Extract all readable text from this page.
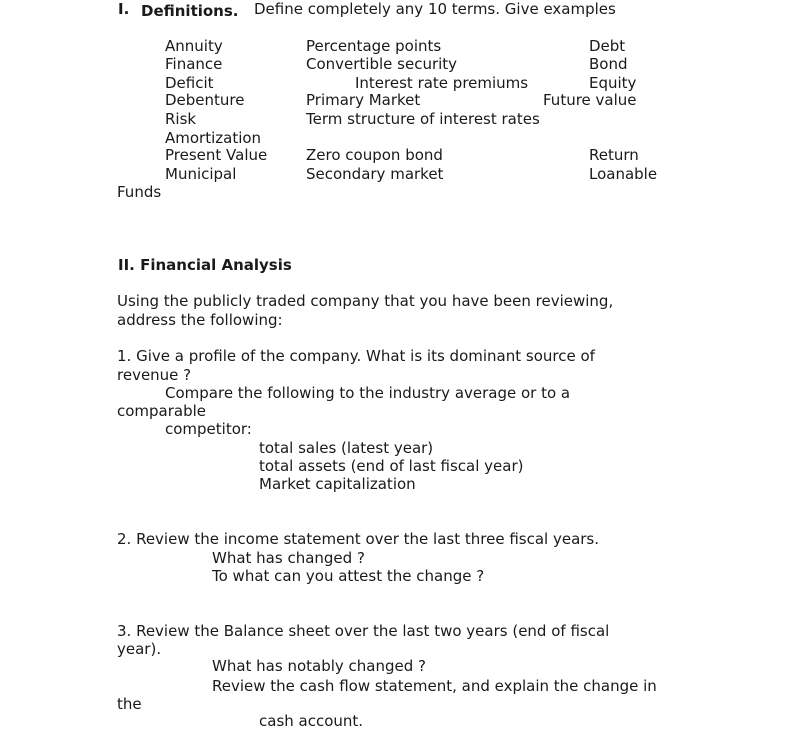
I. Definitions. Define completely any 10 terms. Give examples
Annuity
Finance
Deficit
Debenture
Risk
Amortization
Present Value
Municipal
Funds
Percentage points
Convertible security
Interest rate premiums
Primary Market
Term structure of interest rates
Zero coupon bond
Secondary market
Debt
Bond
Equity
Future value
Return
Loanable
II. Financial Analysis
Using the publicly traded company that you have been reviewing,
address the following:
1. Give a profile of the company. What is its dominant source of
revenue ?
Compare the following to the industry average or to a
comparable
competitor:
total sales (latest year)
total assets (end of last fiscal year)
Market capitalization
2. Review the income statement over the last three fiscal years.
What has changed ?
To what can you attest the change ?
3. Review the Balance sheet over the last two years (end of fiscal
year).
What has notably changed ?
Review the cash flow statement, and explain the change in
the
cash account.
